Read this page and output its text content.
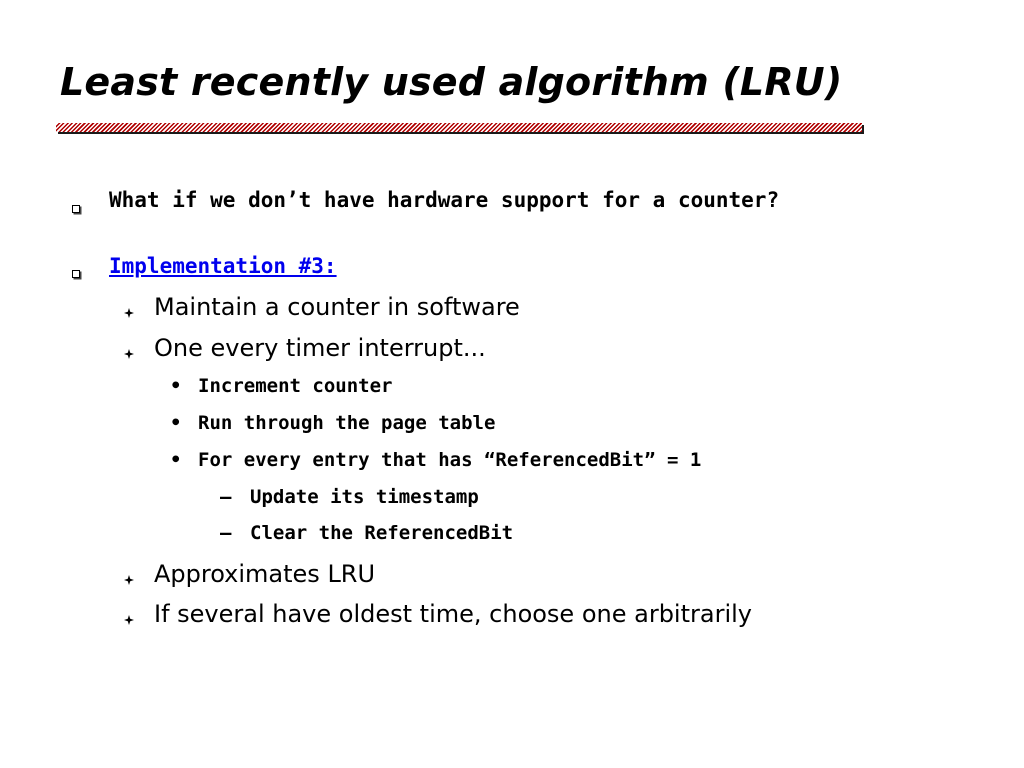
Least recently used algorithm (LRU)
What if we don’t have hardware support for a counter?
Implementation #3:
Maintain a counter in software
One every timer interrupt...
• Increment counter
• Run through the page table
• For every entry that has “ReferencedBit” = 1
– Update its timestamp
– Clear the ReferencedBit
Approximates LRU
If several have oldest time, choose one arbitrarily
